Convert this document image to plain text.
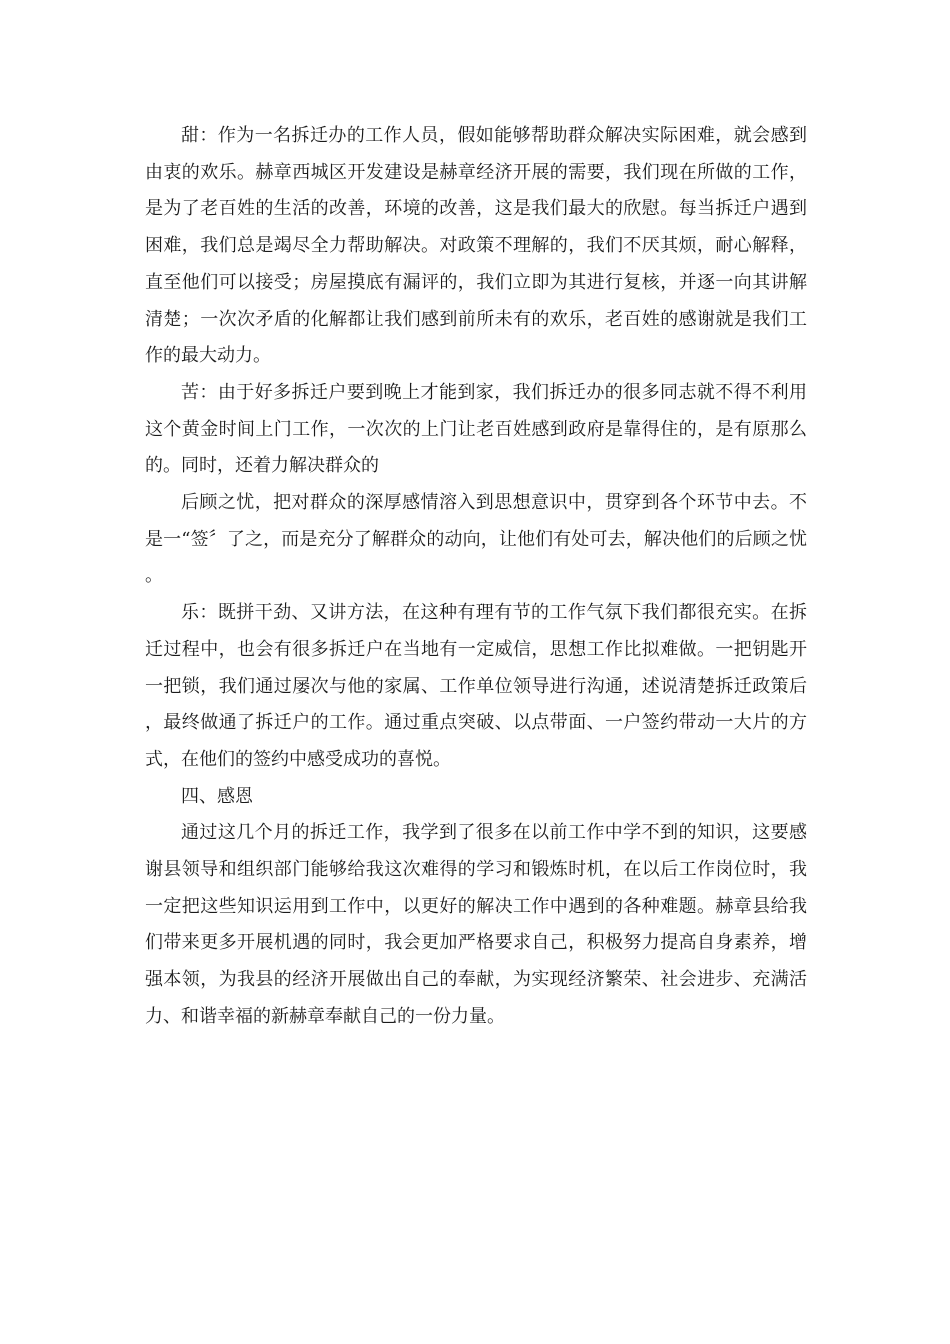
甜：作为一名拆迁办的工作人员，假如能够帮助群众解决实际困难，就会感到由衷的欢乐。赫章西城区开发建设是赫章经济开展的需要，我们现在所做的工作，是为了老百姓的生活的改善，环境的改善，这是我们最大的欣慰。每当拆迁户遇到困难，我们总是竭尽全力帮助解决。对政策不理解的，我们不厌其烦，耐心解释，直至他们可以接受；房屋摸底有漏评的，我们立即为其进行复核，并逐一向其讲解清楚；一次次矛盾的化解都让我们感到前所未有的欢乐，老百姓的感谢就是我们工作的最大动力。

苦：由于好多拆迁户要到晚上才能到家，我们拆迁办的很多同志就不得不利用这个黄金时间上门工作，一次次的上门让老百姓感到政府是靠得住的，是有原那么的。同时，还着力解决群众的

后顾之忧，把对群众的深厚感情溶入到思想意识中，贯穿到各个环节中去。不是一“签〞了之，而是充分了解群众的动向，让他们有处可去，解决他们的后顾之忧。

乐：既拼干劲、又讲方法，在这种有理有节的工作气氛下我们都很充实。在拆迁过程中，也会有很多拆迁户在当地有一定威信，思想工作比拟难做。一把钥匙开一把锁，我们通过屡次与他的家属、工作单位领导进行沟通，述说清楚拆迁政策后，最终做通了拆迁户的工作。通过重点突破、以点带面、一户签约带动一大片的方式，在他们的签约中感受成功的喜悦。

四、感恩

通过这几个月的拆迁工作，我学到了很多在以前工作中学不到的知识，这要感谢县领导和组织部门能够给我这次难得的学习和锻炼时机，在以后工作岗位时，我一定把这些知识运用到工作中，以更好的解决工作中遇到的各种难题。赫章县给我们带来更多开展机遇的同时，我会更加严格要求自己，积极努力提高自身素养，增强本领，为我县的经济开展做出自己的奉献，为实现经济繁荣、社会进步、充满活力、和谐幸福的新赫章奉献自己的一份力量。
